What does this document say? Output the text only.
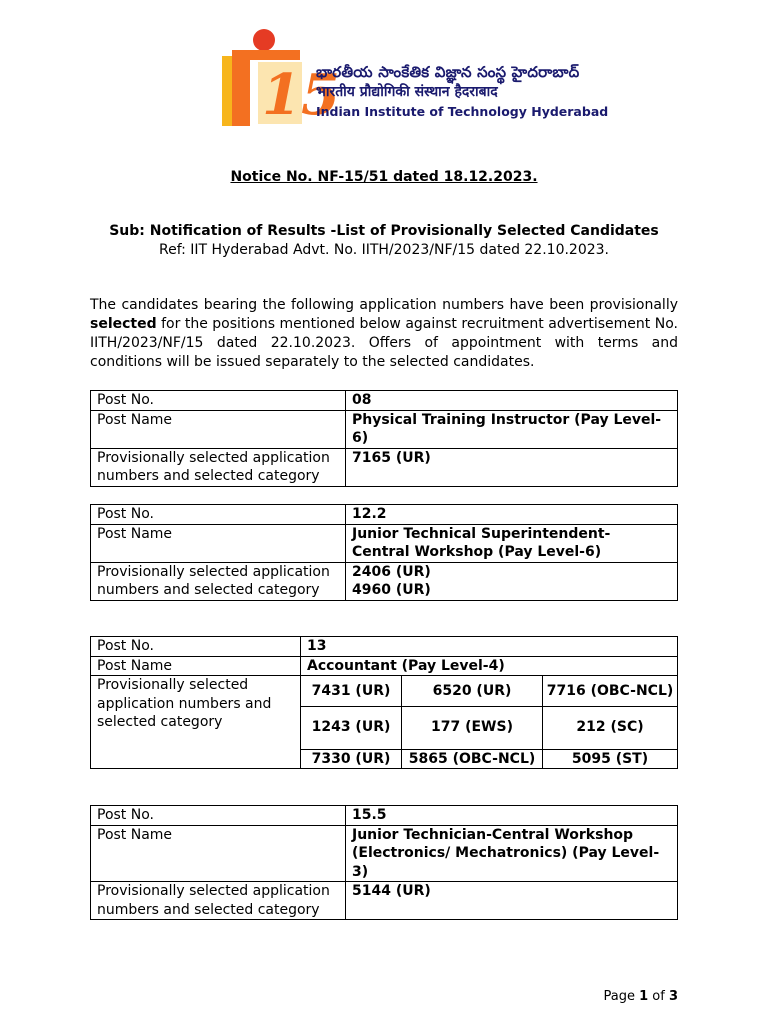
15
భారతీయ సాంకేతిక విజ్ఞాన సంస్థ హైదరాబాద్
भारतीय प्रौद्योगिकी संस्थान हैदराबाद
Indian Institute of Technology Hyderabad
Notice No. NF-15/51 dated 18.12.2023.
Sub: Notification of Results -List of Provisionally Selected Candidates
Ref: IIT Hyderabad Advt. No. IITH/2023/NF/15 dated 22.10.2023.
The candidates bearing the following application numbers have been provisionally selected for the positions mentioned below against recruitment advertisement No. IITH/2023/NF/15 dated 22.10.2023. Offers of appointment with terms and conditions will be issued separately to the selected candidates.
Post No.	08
Post Name	Physical Training Instructor (Pay Level-6)
Provisionally selected application numbers and selected category	7165 (UR)
Post No.	12.2
Post Name	Junior Technical Superintendent- Central Workshop (Pay Level-6)
Provisionally selected application numbers and selected category	2406 (UR)
4960 (UR)
Post No.	13
Post Name	Accountant (Pay Level-4)
Provisionally selected application numbers and selected category	
7431 (UR)	6520 (UR)	7716 (OBC-NCL)
1243 (UR)	177 (EWS)	212 (SC)
7330 (UR)	5865 (OBC-NCL)	5095 (ST)
Post No.	15.5
Post Name	Junior Technician-Central Workshop (Electronics/ Mechatronics) (Pay Level-3)
Provisionally selected application numbers and selected category	5144 (UR)
Page 1 of 3
